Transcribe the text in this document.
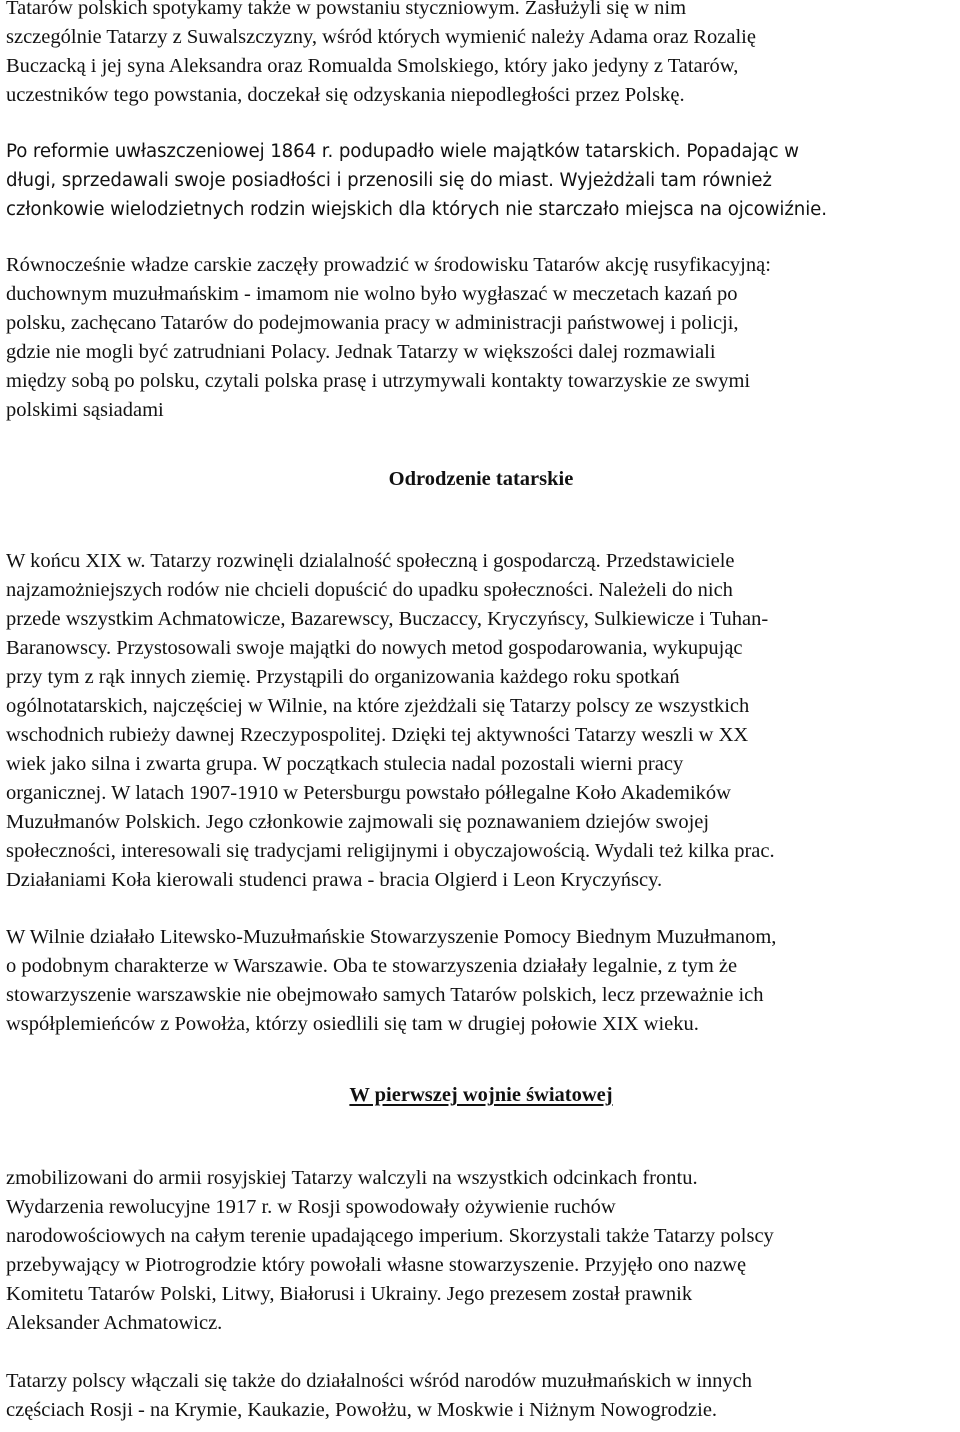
Tatarów polskich spotykamy także w powstaniu styczniowym. Zasłużyli się w nim
szczególnie Tatarzy z Suwalszczyzny, wśród których wymienić należy Adama oraz Rozalię
Buczacką i jej syna Aleksandra oraz Romualda Smolskiego, który jako jedyny z Tatarów,
uczestników tego powstania, doczekał się odzyskania niepodległości przez Polskę.

Po reformie uwłaszczeniowej 1864 r. podupadło wiele majątków tatarskich. Popadając w
długi, sprzedawali swoje posiadłości i przenosili się do miast. Wyjeżdżali tam również
członkowie wielodzietnych rodzin wiejskich dla których nie starczało miejsca na ojcowiźnie.

Równocześnie władze carskie zaczęły prowadzić w środowisku Tatarów akcję rusyfikacyjną:
duchownym muzułmańskim - imamom nie wolno było wygłaszać w meczetach kazań po
polsku, zachęcano Tatarów do podejmowania pracy w administracji państwowej i policji,
gdzie nie mogli być zatrudniani Polacy. Jednak Tatarzy w większości dalej rozmawiali
między sobą po polsku, czytali polska prasę i utrzymywali kontakty towarzyskie ze swymi
polskimi sąsiadami

Odrodzenie tatarskie

W końcu XIX w. Tatarzy rozwinęli dzialalność społeczną i gospodarczą. Przedstawiciele
najzamożniejszych rodów nie chcieli dopuścić do upadku społeczności. Należeli do nich
przede wszystkim Achmatowicze, Bazarewscy, Buczaccy, Kryczyńscy, Sulkiewicze i Tuhan-
Baranowscy. Przystosowali swoje majątki do nowych metod gospodarowania, wykupując
przy tym z rąk innych ziemię. Przystąpili do organizowania każdego roku spotkań
ogólnotatarskich, najczęściej w Wilnie, na które zjeżdżali się Tatarzy polscy ze wszystkich
wschodnich rubieży dawnej Rzeczypospolitej. Dzięki tej aktywności Tatarzy weszli w XX
wiek jako silna i zwarta grupa. W początkach stulecia nadal pozostali wierni pracy
organicznej. W latach 1907-1910 w Petersburgu powstało półlegalne Koło Akademików
Muzułmanów Polskich. Jego członkowie zajmowali się poznawaniem dziejów swojej
społeczności, interesowali się tradycjami religijnymi i obyczajowością. Wydali też kilka prac.
Działaniami Koła kierowali studenci prawa - bracia Olgierd i Leon Kryczyńscy.

W Wilnie działało Litewsko-Muzułmańskie Stowarzyszenie Pomocy Biednym Muzułmanom,
o podobnym charakterze w Warszawie. Oba te stowarzyszenia działały legalnie, z tym że
stowarzyszenie warszawskie nie obejmowało samych Tatarów polskich, lecz przeważnie ich
współplemieńców z Powołża, którzy osiedlili się tam w drugiej połowie XIX wieku.

W pierwszej wojnie światowej

zmobilizowani do armii rosyjskiej Tatarzy walczyli na wszystkich odcinkach frontu.
Wydarzenia rewolucyjne 1917 r. w Rosji spowodowały ożywienie ruchów
narodowościowych na całym terenie upadającego imperium. Skorzystali także Tatarzy polscy
przebywający w Piotrogrodzie który powołali własne stowarzyszenie. Przyjęło ono nazwę
Komitetu Tatarów Polski, Litwy, Białorusi i Ukrainy. Jego prezesem został prawnik
Aleksander Achmatowicz.

Tatarzy polscy włączali się także do działalności wśród narodów muzułmańskich w innych
częściach Rosji - na Krymie, Kaukazie, Powołżu, w Moskwie i Niżnym Nowogrodzie.
